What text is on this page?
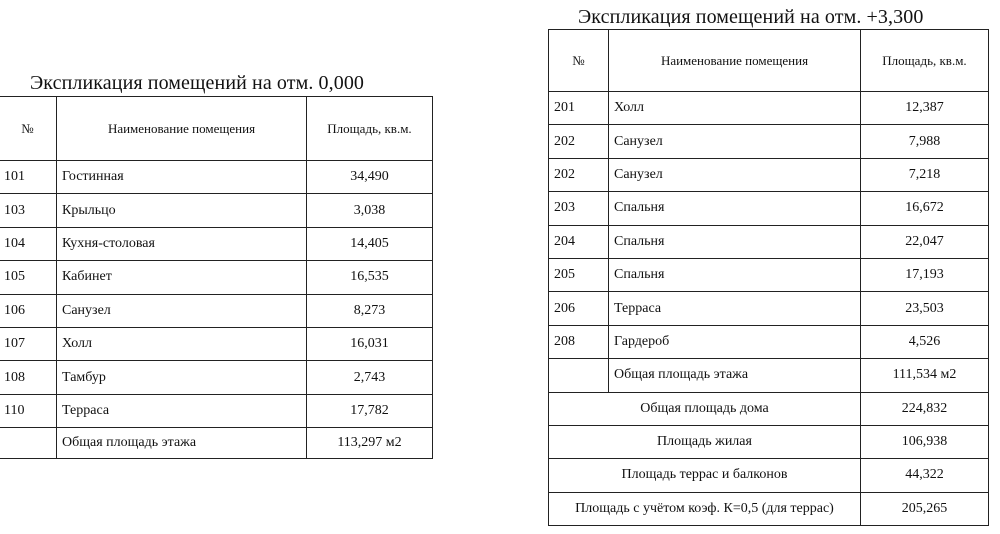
Экспликация помещений на отм. 0,000
Экспликация помещений на отм. +3,300
№	Наименование помещения	Площадь, кв.м.
101	Гостинная	34,490
103	Крыльцо	3,038
104	Кухня-столовая	14,405
105	Кабинет	16,535
106	Санузел	8,273
107	Холл	16,031
108	Тамбур	2,743
110	Терраса	17,782
	Общая площадь этажа	113,297 м2
№	Наименование помещения	Площадь, кв.м.
201	Холл	12,387
202	Санузел	7,988
202	Санузел	7,218
203	Спальня	16,672
204	Спальня	22,047
205	Спальня	17,193
206	Терраса	23,503
208	Гардероб	4,526
	Общая площадь этажа	111,534 м2
Общая площадь дома		224,832
Площадь жилая		106,938
Площадь террас и балконов		44,322
Площадь с учётом коэф. К=0,5 (для террас)		205,265
